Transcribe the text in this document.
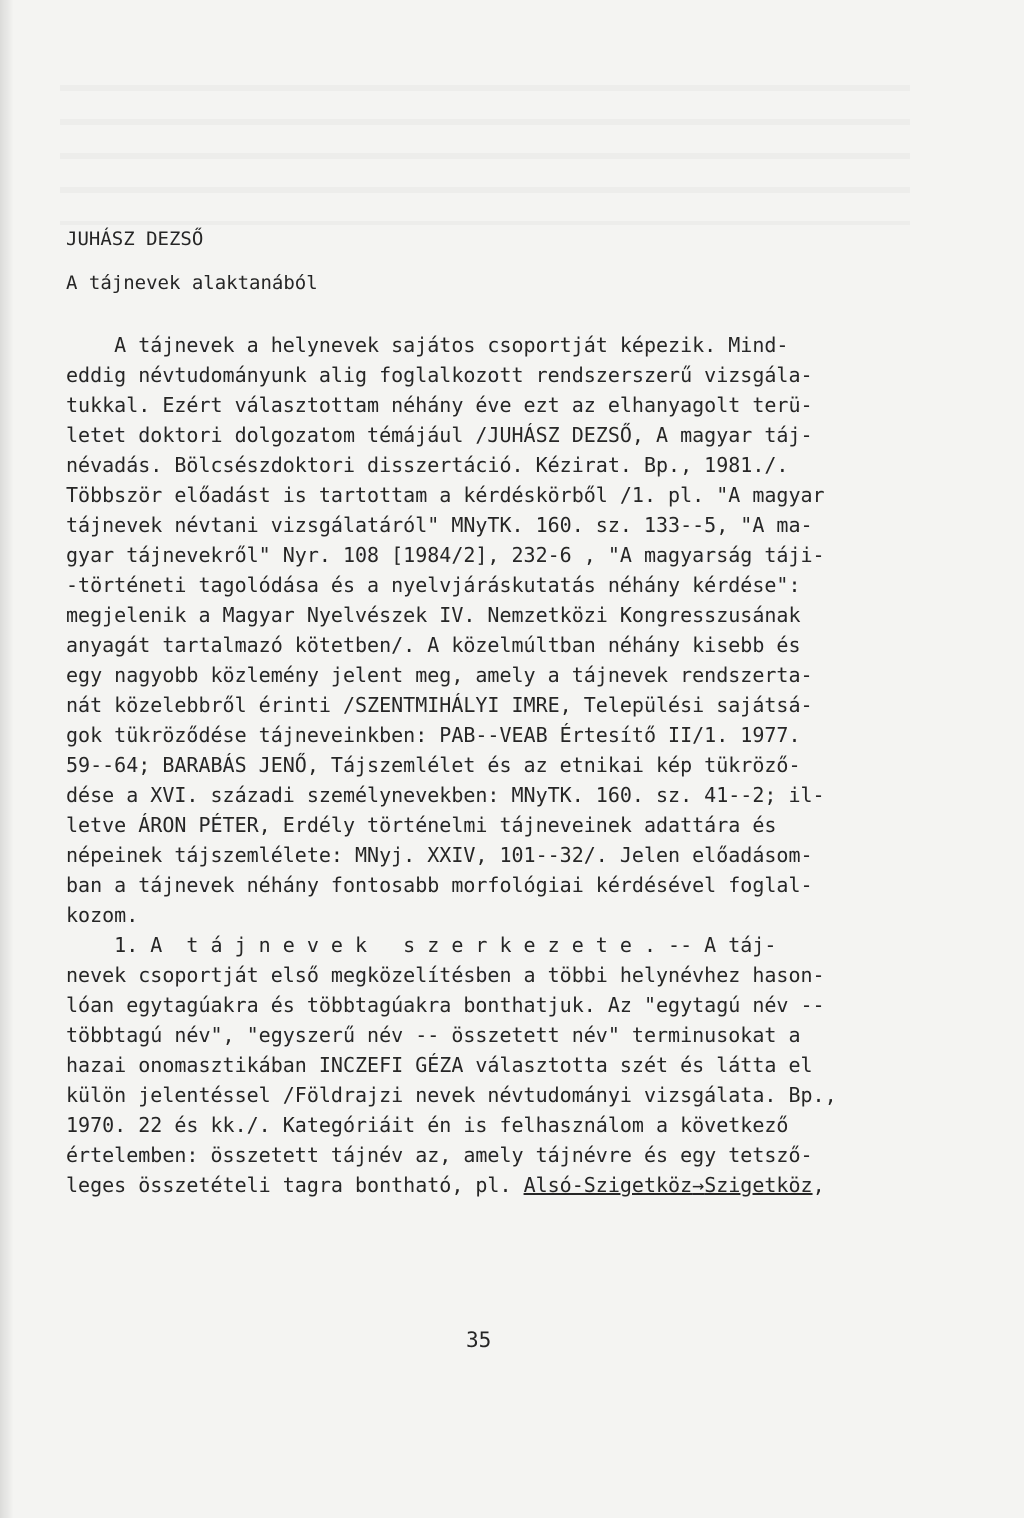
JUHÁSZ DEZSŐ
A tájnevek alaktanából
A tájnevek a helynevek sajátos csoportját képezik. Mind-
eddig névtudományunk alig foglalkozott rendszerszerű vizsgála-
tukkal. Ezért választottam néhány éve ezt az elhanyagolt terü-
letet doktori dolgozatom témájául /JUHÁSZ DEZSŐ, A magyar táj-
névadás. Bölcsészdoktori disszertáció. Kézirat. Bp., 1981./.
Többször előadást is tartottam a kérdéskörből /1. pl. "A magyar
tájnevek névtani vizsgálatáról" MNyTK. 160. sz. 133--5, "A ma-
gyar tájnevekről" Nyr. 108 [1984/2], 232-6 , "A magyarság táji-
-történeti tagolódása és a nyelvjáráskutatás néhány kérdése":
megjelenik a Magyar Nyelvészek IV. Nemzetközi Kongresszusának
anyagát tartalmazó kötetben/. A közelmúltban néhány kisebb és
egy nagyobb közlemény jelent meg, amely a tájnevek rendszerta-
nát közelebbről érinti /SZENTMIHÁLYI IMRE, Települési sajátsá-
gok tükröződése tájneveinkben: PAB--VEAB Értesítő II/1. 1977.
59--64; BARABÁS JENŐ, Tájszemlélet és az etnikai kép tükröző-
dése a XVI. századi személynevekben: MNyTK. 160. sz. 41--2; il-
letve ÁRON PÉTER, Erdély történelmi tájneveinek adattára és
népeinek tájszemlélete: MNyj. XXIV, 101--32/. Jelen előadásom-
ban a tájnevek néhány fontosabb morfológiai kérdésével foglal-
kozom.
1. A  t á j n e v e k   s z e r k e z e t e . -- A táj-
nevek csoportját első megközelítésben a többi helynévhez hason-
lóan egytagúakra és többtagúakra bonthatjuk. Az "egytagú név --
többtagú név", "egyszerű név -- összetett név" terminusokat a
hazai onomasztikában INCZEFI GÉZA választotta szét és látta el
külön jelentéssel /Földrajzi nevek névtudományi vizsgálata. Bp.,
1970. 22 és kk./. Kategóriáit én is felhasználom a következő
értelemben: összetett tájnév az, amely tájnévre és egy tetsző-
leges összetételi tagra bontható, pl. Alsó-Szigetköz→Szigetköz,
35
